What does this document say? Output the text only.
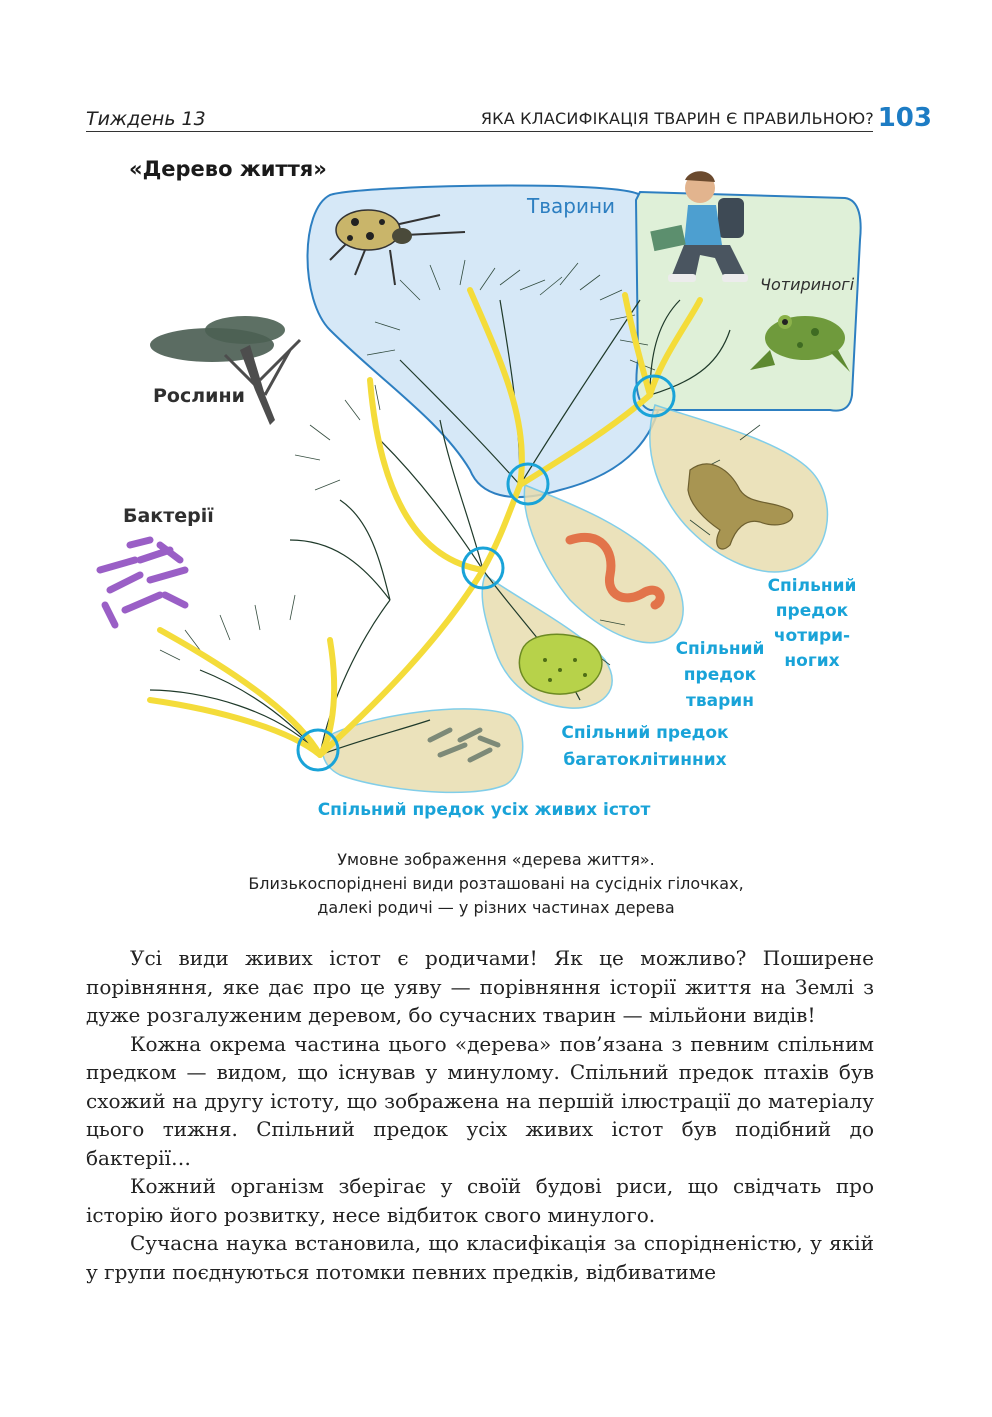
Тиждень 13	ЯКА КЛАСИФІКАЦІЯ ТВАРИН Є ПРАВИЛЬНОЮ? 103
«Дерево життя»
Тварини
Чотириногі
Рослини
Бактерії
Спільний
предок
чотири-
ногих
Спільний
предок
тварин
Спільний предок
багатоклітинних
Спільний предок усіх живих істот
Умовне зображення «дерева життя».
Близькоспоріднені види розташовані на сусідніх гілочках,
далекі родичі — у різних частинах дерева

Усі види живих істот є родичами! Як це можливо? Поширене порівняння, яке дає про це уяву — порівняння історії життя на Землі з дуже розгалуженим деревом, бо сучасних тварин — мільйони видів!

Кожна окрема частина цього «дерева» пов’язана з певним спільним предком — видом, що існував у минулому. Спільний предок птахів був схожий на другу істоту, що зображена на першій ілюстрації до матеріалу цього тижня. Спільний предок усіх живих істот був подібний до бактерії…

Кожний організм зберігає у своїй будові риси, що свідчать про історію його розвитку, несе відбиток свого минулого.

Сучасна наука встановила, що класифікація за спорідненістю, у якій у групи поєднуються потомки певних предків, відбиватиме
